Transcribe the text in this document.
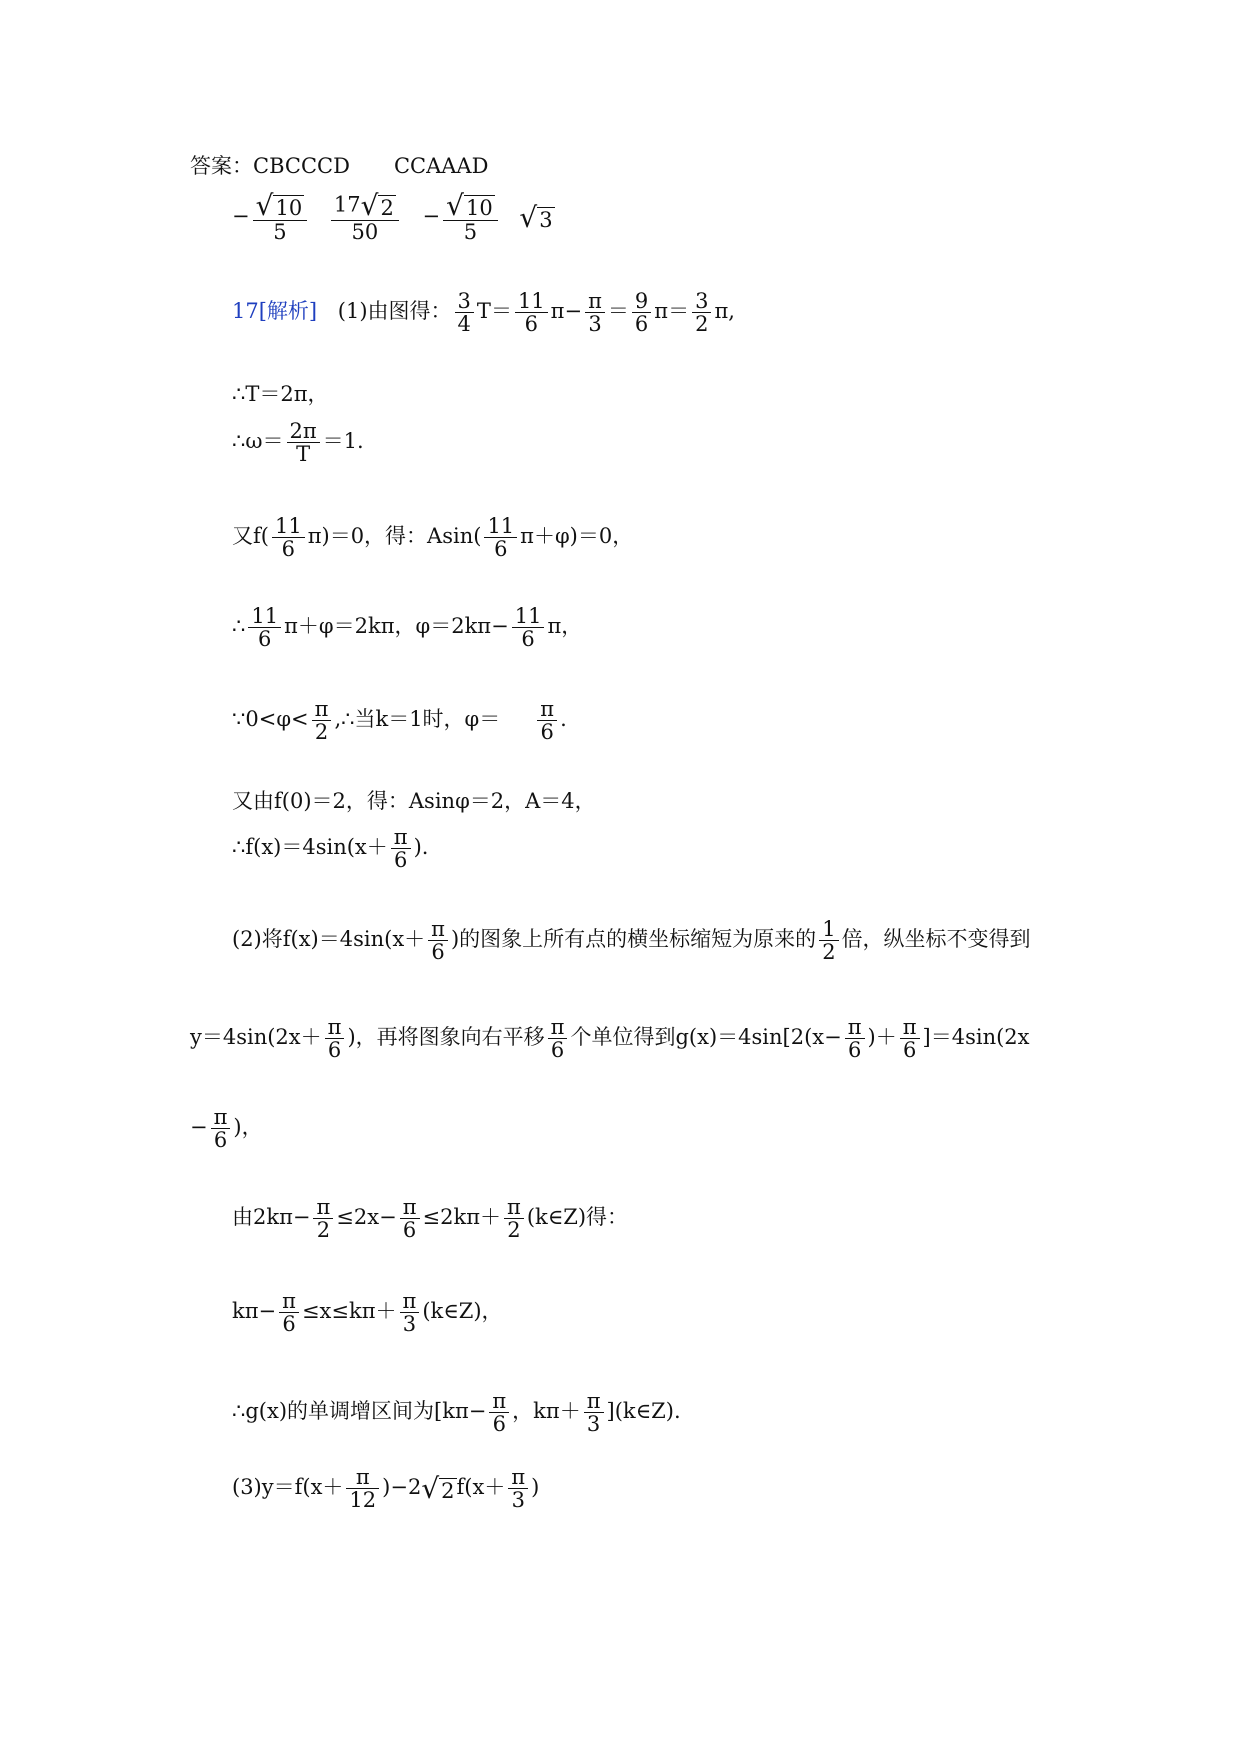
答案：CBCCCD CCAAAD
− $\frac{√10}{5}$
$\frac{17√2}{50} - \frac{√10}{5} √3$
17[解析] (1)由图得： $\frac{3}{4} T= \frac{11}{6} \pi- \frac{\pi}{3} = \frac{9}{6} \pi= \frac{3}{2} \pi$,
∴T＝2π，
∴ω＝ $\frac{2\pi}{T} =1$.
又$f( \frac{11}{6} \pi)=0$，得：$Asin( \frac{11}{6} \pi+\varphi)=0$，
∴ $\frac{11}{6} \pi+\varphi=2k\pi$，$\varphi=2k\pi- \frac{11}{6}$ π，
∵0<φ< $\frac{\pi}{2}$ ,∴当k＝1时，$\varphi= \frac{\pi}{6}$ .
又由f(0)＝2，得：Asinφ＝2，A＝4，
∴f(x)＝4sin(x＋ $\frac{\pi}{6}$ ).
(2)将$f(x)=4\sin(x+ \frac{\pi}{6}$ )的图象上所有点的横坐标缩短为原来的 $\frac{1}{2}$ 倍，纵坐标不变得到
$y=4\sin(2x+ \frac{\pi}{6}$ )，再将图象向右平移 $\frac{\pi}{6}$ 个单位得到$g(x)=4\sin[2(x- \frac{\pi}{6}$ )＋ $\frac{\pi}{6} ]=4\sin(2x$
− $\frac{\pi}{6}$ )，
由$2k\pi- \frac{\pi}{2} \le 2x- \frac{\pi}{6} \le 2k\pi+ \frac{\pi}{2}$ (k∈Z)得：
$k\pi- \frac{\pi}{6} \le x\le k\pi+ \frac{\pi}{3}$ (k∈Z)，
∴g(x)的单调增区间为[$k\pi- \frac{\pi}{6}$ ，$k\pi+ \frac{\pi}{3}$ ](k∈Z).
$(3)y=f(x+ \frac{\pi}{12} )-2√2f(x+ \frac{\pi}{3}$ )
